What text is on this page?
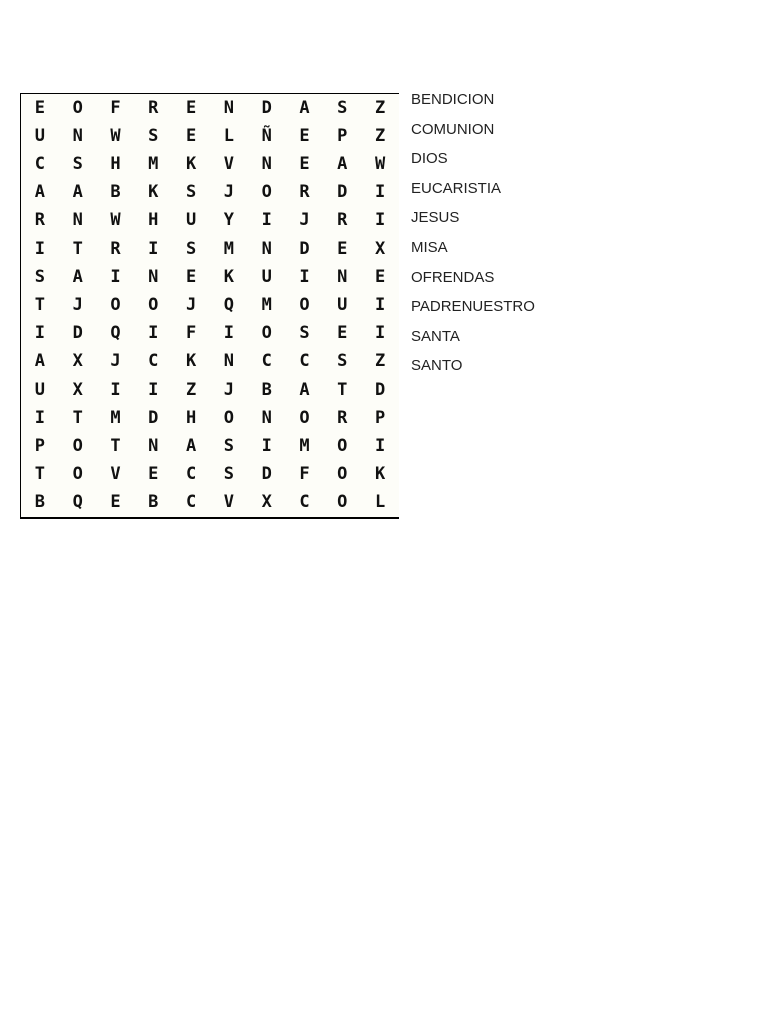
E	O	F	R	E	N	D	A	S	Z
U	N	W	S	E	L	Ñ	E	P	Z
C	S	H	M	K	V	N	E	A	W
A	A	B	K	S	J	O	R	D	I
R	N	W	H	U	Y	I	J	R	I
I	T	R	I	S	M	N	D	E	X
S	A	I	N	E	K	U	I	N	E
T	J	O	O	J	Q	M	O	U	I
I	D	Q	I	F	I	O	S	E	I
A	X	J	C	K	N	C	C	S	Z
U	X	I	I	Z	J	B	A	T	D
I	T	M	D	H	O	N	O	R	P
P	O	T	N	A	S	I	M	O	I
T	O	V	E	C	S	D	F	O	K
B	Q	E	B	C	V	X	C	O	L
BENDICION
COMUNION
DIOS
EUCARISTIA
JESUS
MISA
OFRENDAS
PADRENUESTRO
SANTA
SANTO
